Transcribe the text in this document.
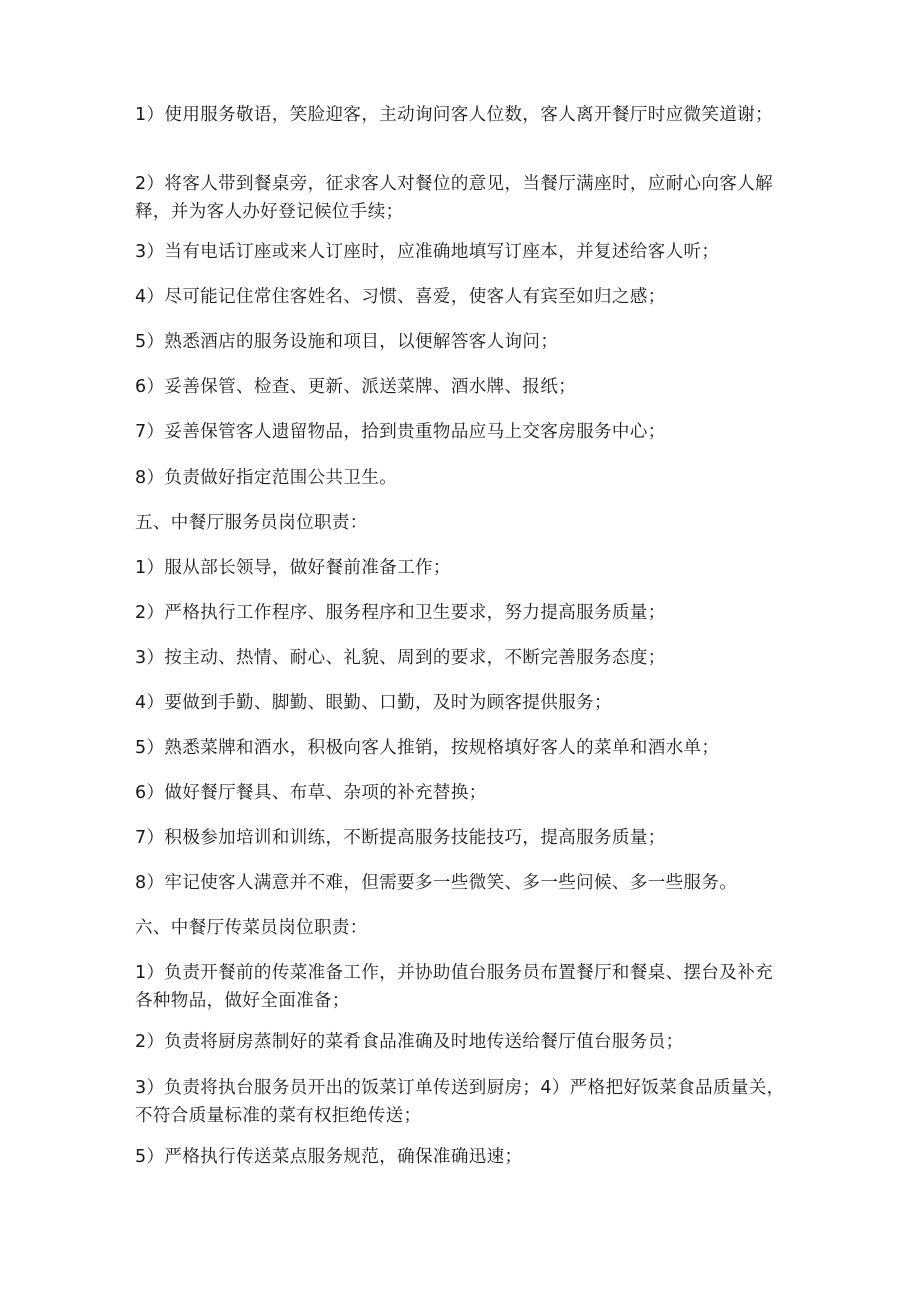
1）使用服务敬语，笑脸迎客，主动询问客人位数，客人离开餐厅时应微笑道谢；

2）将客人带到餐桌旁，征求客人对餐位的意见，当餐厅满座时，应耐心向客人解释，并为客人办好登记候位手续；

3）当有电话订座或来人订座时，应准确地填写订座本，并复述给客人听；

4）尽可能记住常住客姓名、习惯、喜爱，使客人有宾至如归之感；

5）熟悉酒店的服务设施和项目，以便解答客人询问；

6）妥善保管、检查、更新、派送菜牌、酒水牌、报纸；

7）妥善保管客人遗留物品，拾到贵重物品应马上交客房服务中心；

8）负责做好指定范围公共卫生。

五、中餐厅服务员岗位职责：

1）服从部长领导，做好餐前准备工作；

2）严格执行工作程序、服务程序和卫生要求，努力提高服务质量；

3）按主动、热情、耐心、礼貌、周到的要求，不断完善服务态度；

4）要做到手勤、脚勤、眼勤、口勤，及时为顾客提供服务；

5）熟悉菜牌和酒水，积极向客人推销，按规格填好客人的菜单和酒水单；

6）做好餐厅餐具、布草、杂项的补充替换；

7）积极参加培训和训练，不断提高服务技能技巧，提高服务质量；

8）牢记使客人满意并不难，但需要多一些微笑、多一些问候、多一些服务。

六、中餐厅传菜员岗位职责：

1）负责开餐前的传菜准备工作，并协助值台服务员布置餐厅和餐桌、摆台及补充各种物品，做好全面准备；

2）负责将厨房蒸制好的菜肴食品准确及时地传送给餐厅值台服务员；

3）负责将执台服务员开出的饭菜订单传送到厨房；4）严格把好饭菜食品质量关，不符合质量标准的菜有权拒绝传送；

5）严格执行传送菜点服务规范，确保准确迅速；
